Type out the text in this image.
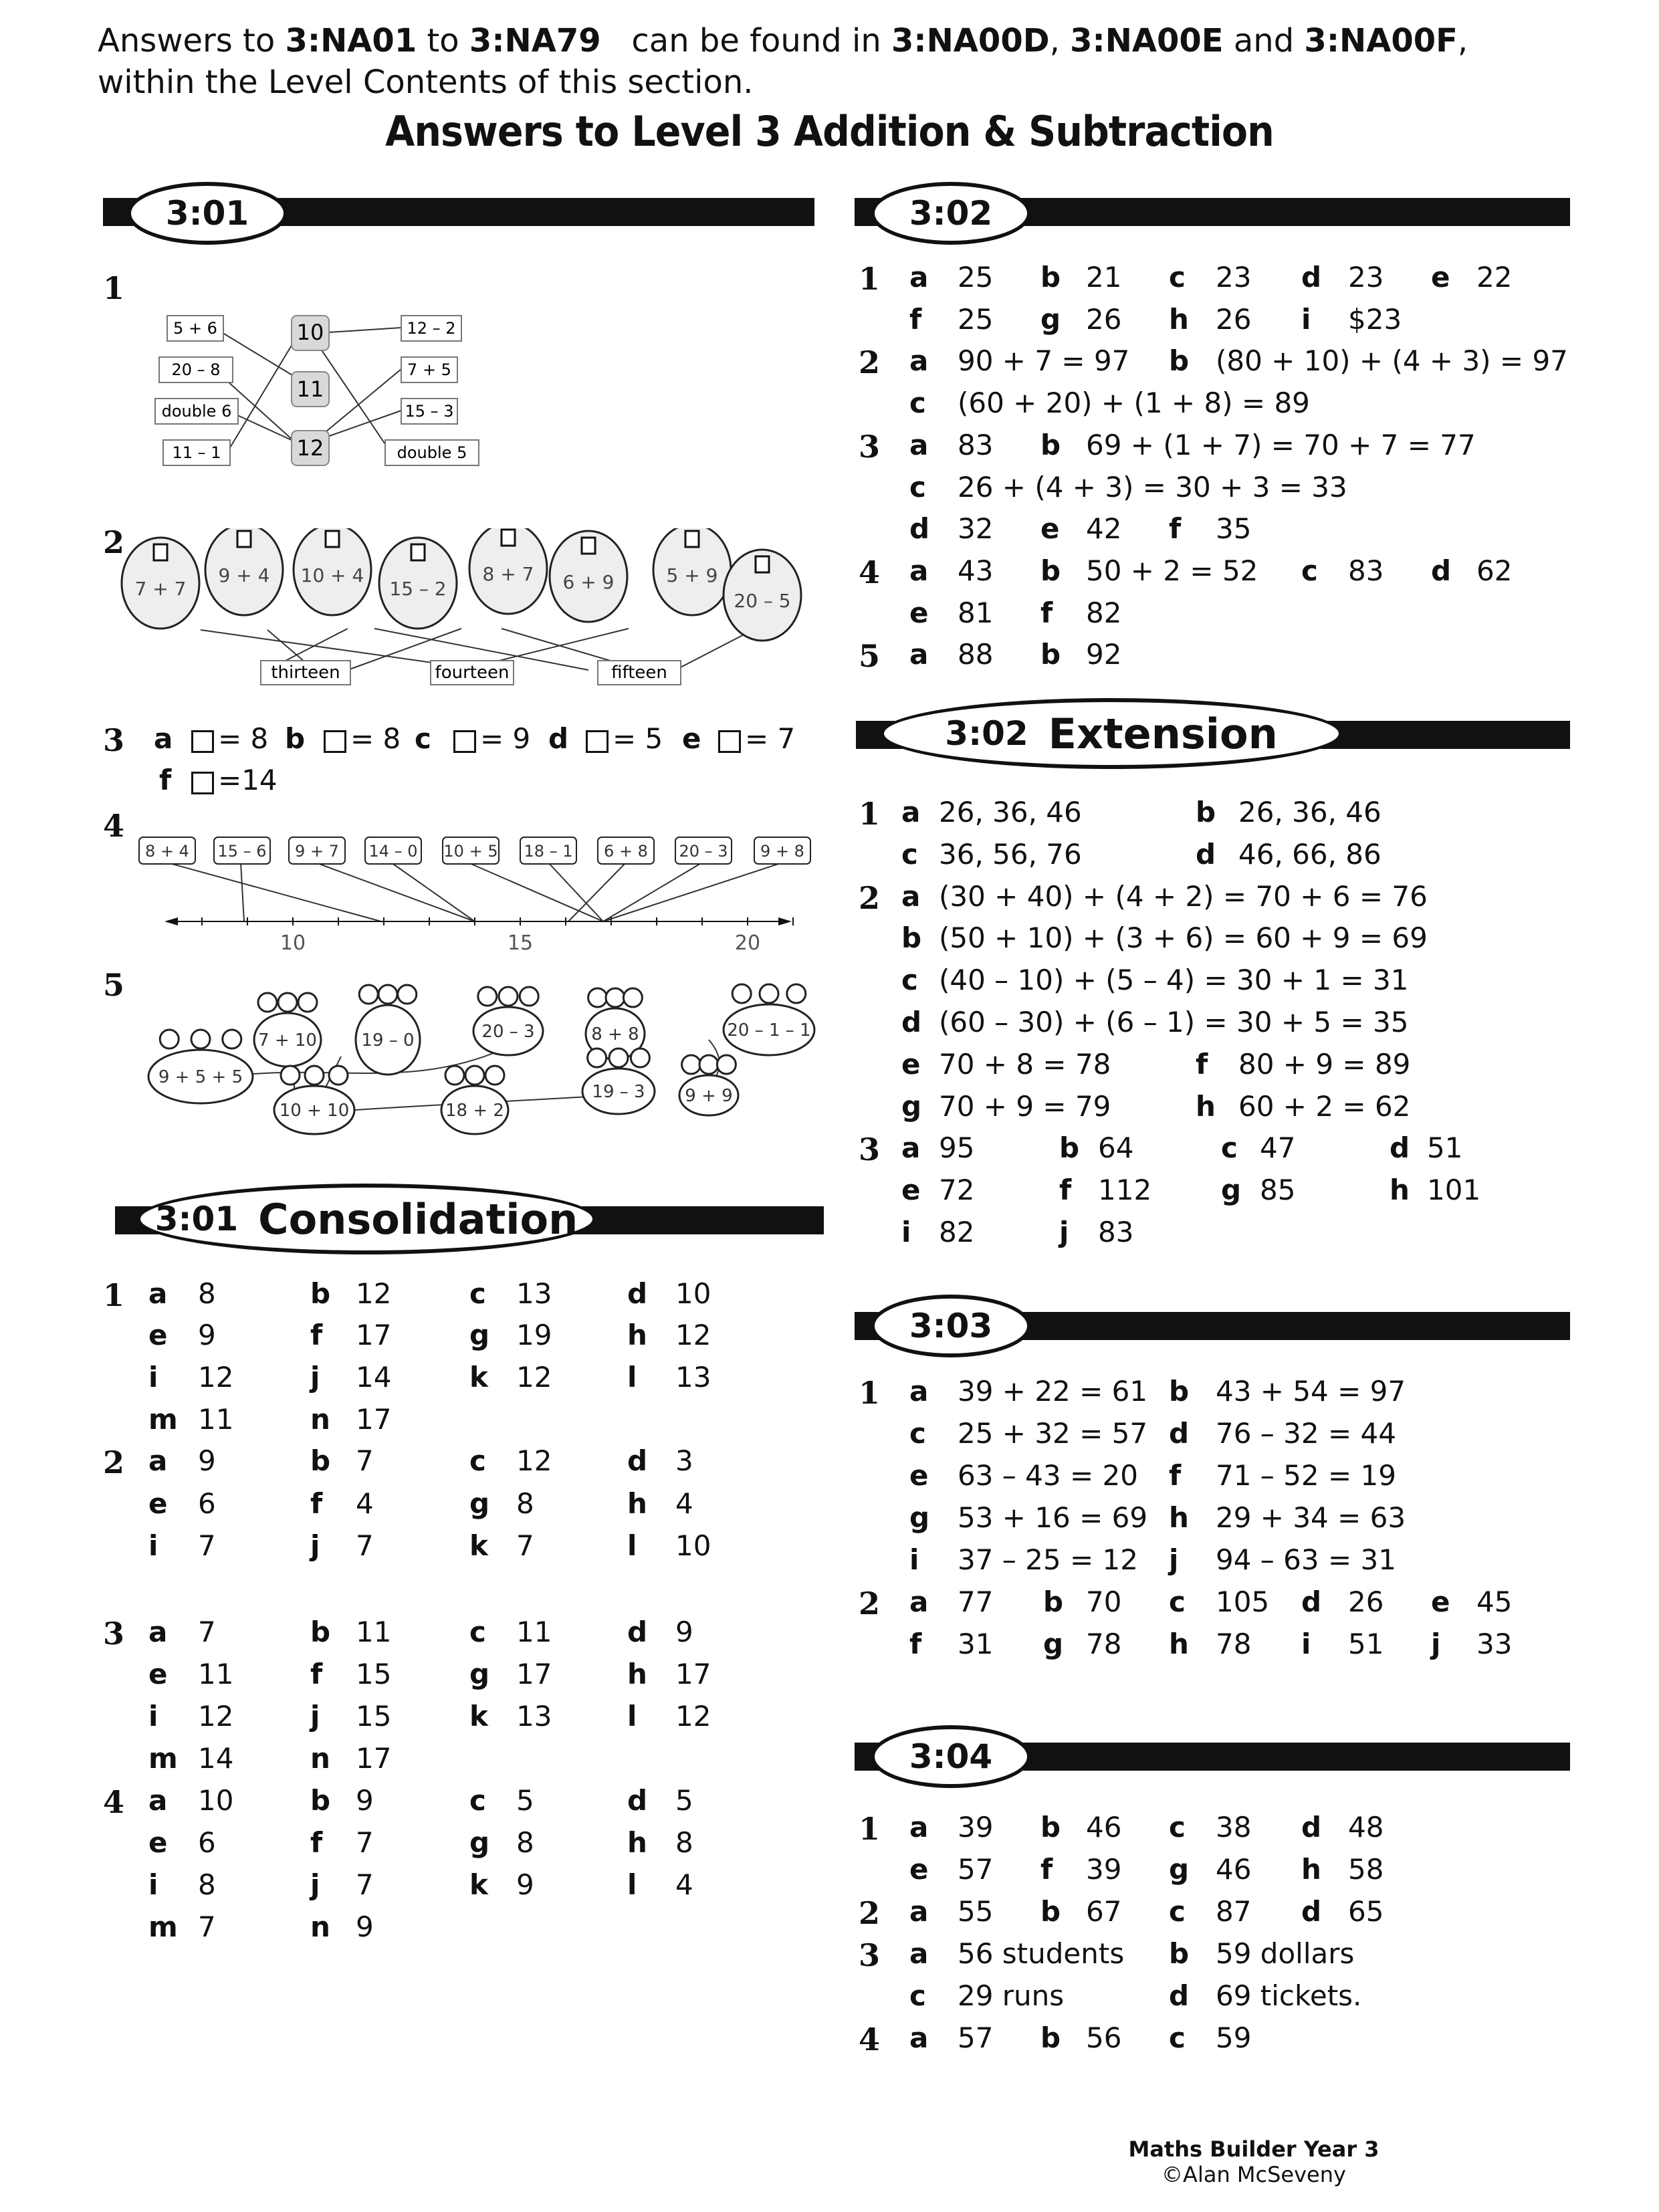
Answers to 3:NA01 to 3:NA79   can be found in 3:NA00D, 3:NA00E and 3:NA00F,
within the Level Contents of this section.
Answers to Level 3 Addition & Subtraction
3:01	3:02
3:02 Extension
3:01 Consolidation
3:03
3:04
1
2
4
5
5 + 6
20 – 8
double 6
11 – 1
10
11
12
12 – 2
7 + 5
15 – 3
double 5
7 + 7
9 + 4 10 + 4
15 – 2
8 + 7 6 + 9	5 + 9
20 – 5
thirteen	fourteen	fifteen
3 a = 8 b = 8 c = 9 d = 5 e = 7
f =14
10	15	20
8 + 4 15 – 6 9 + 7 14 – 0 10 + 5 18 – 1 6 + 8 20 – 3 9 + 8
9 + 5 + 5
7 + 10	19 – 0	20 – 3	8 + 8	20 – 1 – 1
10 + 10	18 + 2
19 – 3 9 + 9
1 a 25 b 21 c 23 d 23 e 22
f 25 g 26 h 26 i $23
2 a 90 + 7 = 97 b (80 + 10) + (4 + 3) = 97
c (60 + 20) + (1 + 8) = 89
3 a 83 b 69 + (1 + 7) = 70 + 7 = 77
c 26 + (4 + 3) = 30 + 3 = 33
d 32 e 42 f 35
4 a 43 b 50 + 2 = 52 c 83 d 62
e 81 f 82
5 a 88 b 92
1 a 26, 36, 46	b 26, 36, 46
c 36, 56, 76	d 46, 66, 86
2 a (30 + 40) + (4 + 2) = 70 + 6 = 76
b (50 + 10) + (3 + 6) = 60 + 9 = 69
c (40 – 10) + (5 – 4) = 30 + 1 = 31
d (60 – 30) + (6 – 1) = 30 + 5 = 35
e 70 + 8 = 78	f 80 + 9 = 89
g 70 + 9 = 79	h 60 + 2 = 62
3 a 95	b 64	c 47	d 51
e 72	f 112 g 85	h 101
i 82	j 83
1 a 8	b 12	c 13	d 10
e 9	f 17	g 19	h 12
i 12	j 14	k 12	l 13
m 11	n 17
2 a 9	b 7	c 12	d 3
e 6	f 4	g 8	h 4
i 7	j 7	k 7	l 10
3 a 7	b 11	c 11	d 9
e 11	f 15	g 17	h 17
i 12	j 15	k 13	l 12
m 14	n 17
4 a 10	b 9	c 5	d 5
e 6	f 7	g 8	h 8
i 8	j 7	k 9	l 4
m 7	n 9
1 a 39 + 22 = 61 b 43 + 54 = 97
c 25 + 32 = 57 d 76 – 32 = 44
e 63 – 43 = 20 f 71 – 52 = 19
g 53 + 16 = 69 h 29 + 34 = 63
i 37 – 25 = 12 j 94 – 63 = 31
2 a 77 b 70 c 105 d 26 e 45
f 31 g 78 h 78 i 51 j 33
1 a 39 b 46 c 38 d 48
e 57 f 39 g 46 h 58
2 a 55 b 67 c 87 d 65
3 a 56 students b 59 dollars
c 29 runs	d 69 tickets.
4 a 57 b 56 c 59
Maths Builder Year 3
©Alan McSeveny
